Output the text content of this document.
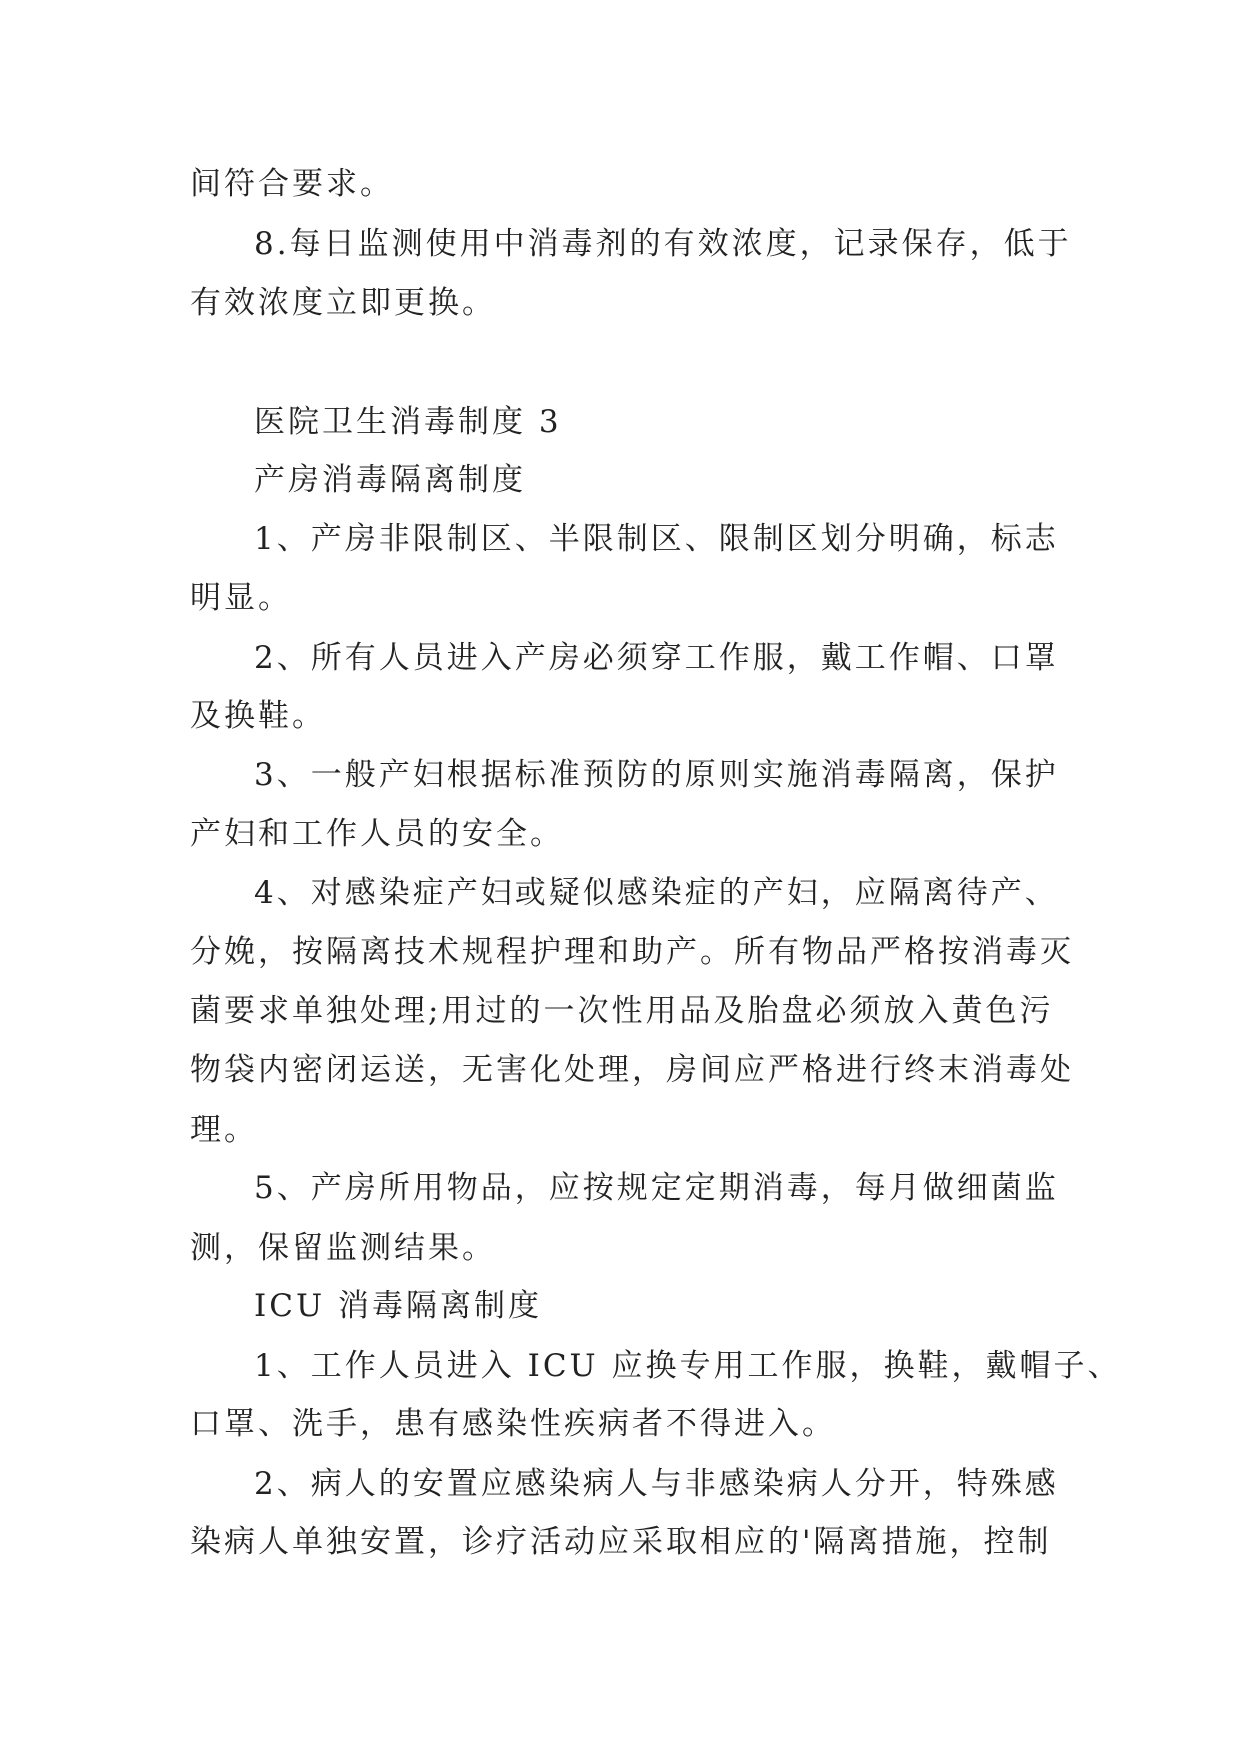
间符合要求。
8.每日监测使用中消毒剂的有效浓度，记录保存，低于
有效浓度立即更换。
医院卫生消毒制度 3
产房消毒隔离制度
1、产房非限制区、半限制区、限制区划分明确，标志
明显。
2、所有人员进入产房必须穿工作服，戴工作帽、口罩
及换鞋。
3、一般产妇根据标准预防的原则实施消毒隔离，保护
产妇和工作人员的安全。
4、对感染症产妇或疑似感染症的产妇，应隔离待产、
分娩，按隔离技术规程护理和助产。所有物品严格按消毒灭
菌要求单独处理;用过的一次性用品及胎盘必须放入黄色污
物袋内密闭运送，无害化处理，房间应严格进行终末消毒处
理。
5、产房所用物品，应按规定定期消毒，每月做细菌监
测，保留监测结果。
ICU 消毒隔离制度
1、工作人员进入 ICU 应换专用工作服，换鞋，戴帽子、
口罩、洗手，患有感染性疾病者不得进入。
2、病人的安置应感染病人与非感染病人分开，特殊感
染病人单独安置，诊疗活动应采取相应的'隔离措施，控制
